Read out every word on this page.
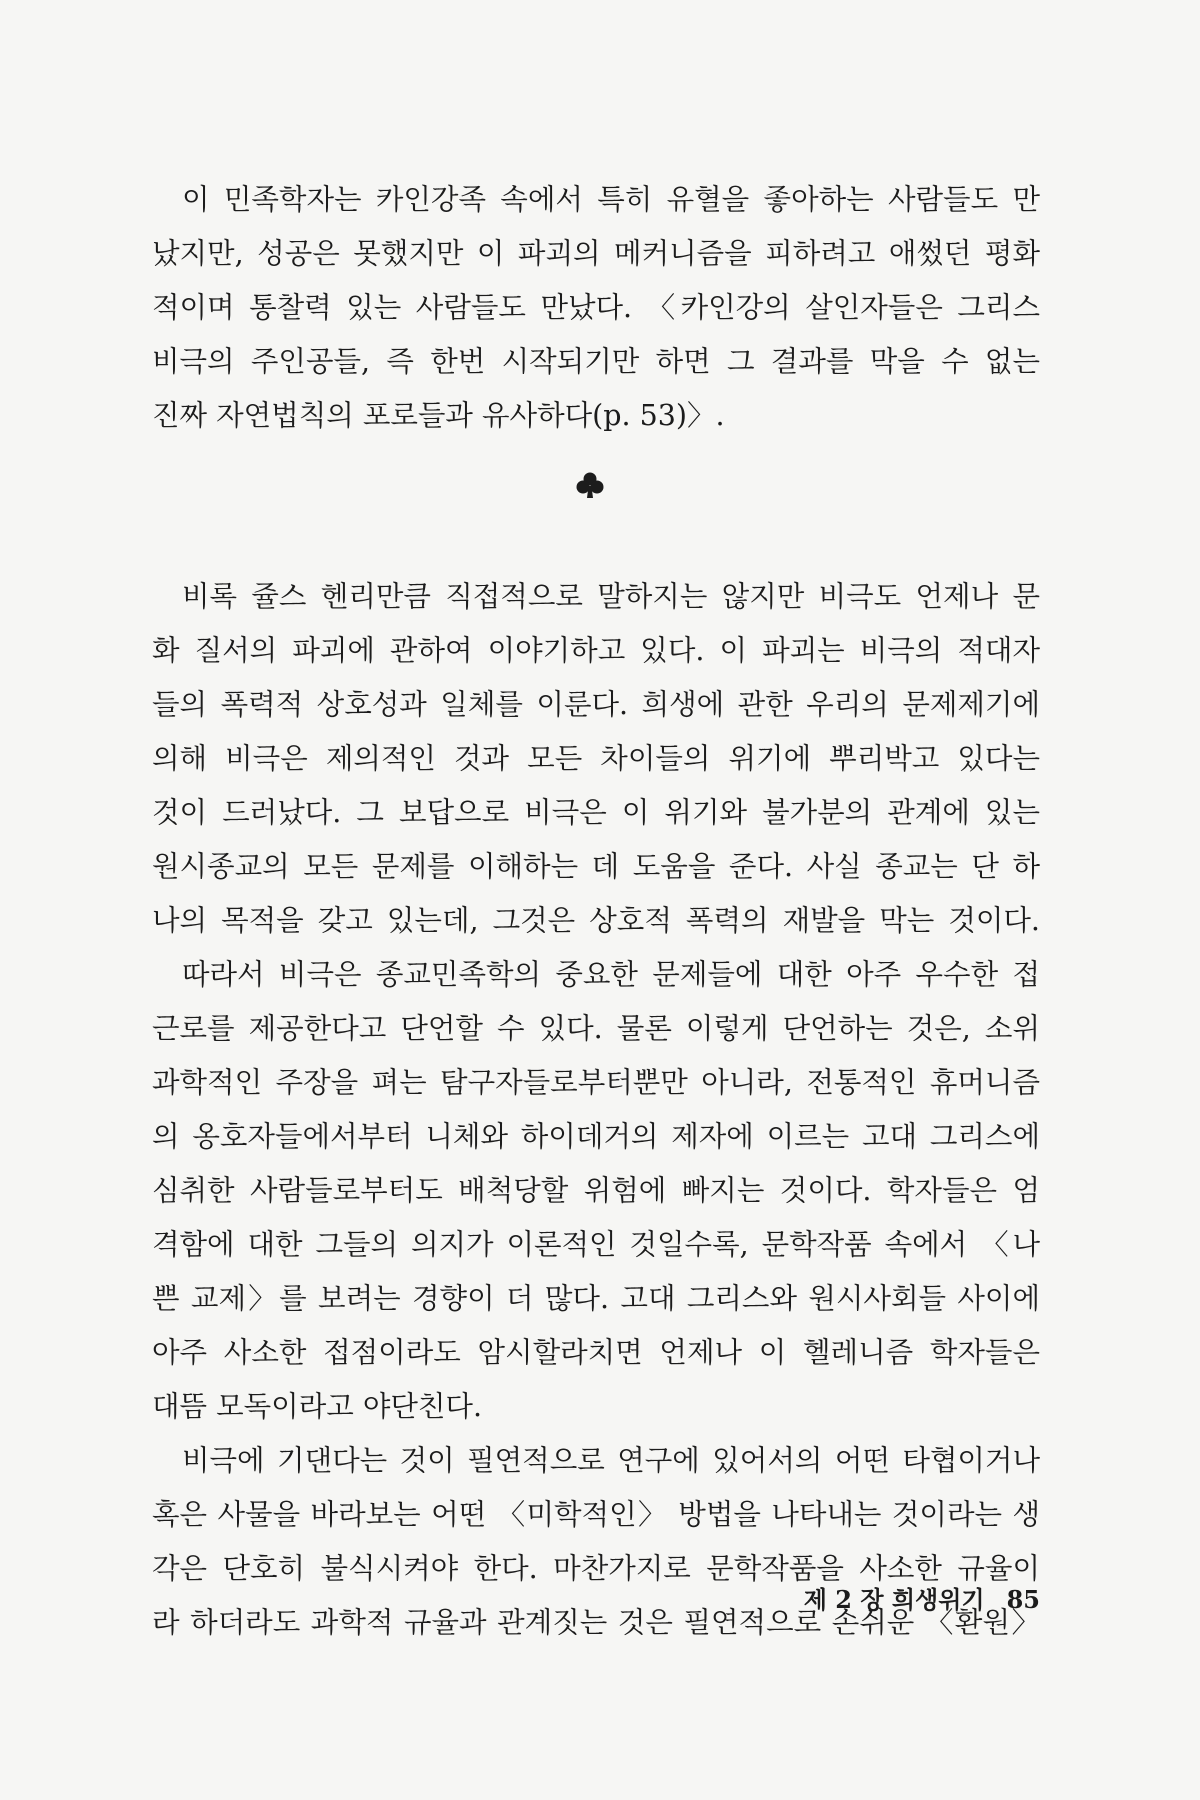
이 민족학자는 카인강족 속에서 특히 유혈을 좋아하는 사람들도 만
났지만, 성공은 못했지만 이 파괴의 메커니즘을 피하려고 애썼던 평화
적이며 통찰력 있는 사람들도 만났다. 〈카인강의 살인자들은 그리스
비극의 주인공들, 즉 한번 시작되기만 하면 그 결과를 막을 수 없는
진짜 자연법칙의 포로들과 유사하다(p. 53)〉.
비록 쥴스 헨리만큼 직접적으로 말하지는 않지만 비극도 언제나 문
화 질서의 파괴에 관하여 이야기하고 있다. 이 파괴는 비극의 적대자
들의 폭력적 상호성과 일체를 이룬다. 희생에 관한 우리의 문제제기에
의해 비극은 제의적인 것과 모든 차이들의 위기에 뿌리박고 있다는
것이 드러났다. 그 보답으로 비극은 이 위기와 불가분의 관계에 있는
원시종교의 모든 문제를 이해하는 데 도움을 준다. 사실 종교는 단 하
나의 목적을 갖고 있는데, 그것은 상호적 폭력의 재발을 막는 것이다.
따라서 비극은 종교민족학의 중요한 문제들에 대한 아주 우수한 접
근로를 제공한다고 단언할 수 있다. 물론 이렇게 단언하는 것은, 소위
과학적인 주장을 펴는 탐구자들로부터뿐만 아니라, 전통적인 휴머니즘
의 옹호자들에서부터 니체와 하이데거의 제자에 이르는 고대 그리스에
심취한 사람들로부터도 배척당할 위험에 빠지는 것이다. 학자들은 엄
격함에 대한 그들의 의지가 이론적인 것일수록, 문학작품 속에서 〈나
쁜 교제〉를 보려는 경향이 더 많다. 고대 그리스와 원시사회들 사이에
아주 사소한 접점이라도 암시할라치면 언제나 이 헬레니즘 학자들은
대뜸 모독이라고 야단친다.
비극에 기댄다는 것이 필연적으로 연구에 있어서의 어떤 타협이거나
혹은 사물을 바라보는 어떤 〈미학적인〉 방법을 나타내는 것이라는 생
각은 단호히 불식시켜야 한다. 마찬가지로 문학작품을 사소한 규율이
라 하더라도 과학적 규율과 관계짓는 것은 필연적으로 손쉬운 〈환원〉
제 2 장 희생위기 85
